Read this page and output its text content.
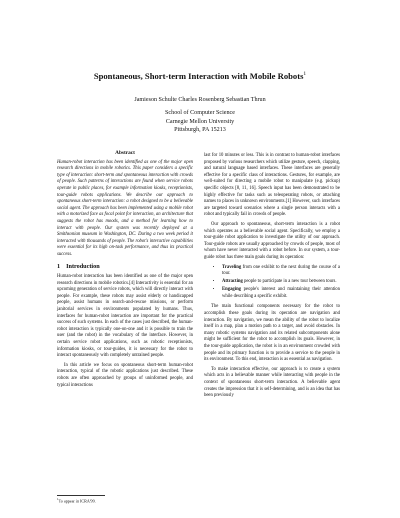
Spontaneous, Short-term Interaction with Mobile Robots$^1$
Jamieson Schulte Charles Rosenberg Sebastian Thrun
School of Computer Science
Carnegie Mellon University
Pittsburgh, PA 15213
Abstract

Human-robot interaction has been identified as one of the major open research directions in mobile robotics. This paper considers a specific type of interaction: short-term and spontaneous interaction with crowds of people. Such patterns of interactions are found when service robots operate in public places, for example information kiosks, receptionists, tour-guide robots applications. We describe our approach to spontaneous short-term interaction: a robot designed to be a believable social agent. The approach has been implemented using a mobile robot with a motorized face as focal point for interaction, an architecture that suggests the robot has moods, and a method for learning how to interact with people. Our system was recently deployed at a Smithsonian museum in Washington, DC. During a two week period it interacted with thousands of people. The robot's interactive capabilities were essential for its high on-task performance, and thus its practical success.

1 Introduction

Human-robot interaction has been identified as one of the major open research directions in mobile robotics.[4] Interactivity is essential for an upcoming generation of service robots, which will directly interact with people. For example, these robots may assist elderly or handicapped people, assist humans in search-and-rescue missions, or perform janitorial services in environments populated by humans. Thus, interfaces for human-robot interaction are important for the practical success of such systems. In each of the cases just described, the human-robot interaction is typically one-on-one and it is possible to train the user (and the robot) in the vocabulary of the interface. However, in certain service robot applications, such as robotic receptionists, information kiosks, or tour-guides, it is necessary for the robot to interact spontaneously with completely untrained people.

In this article we focus on spontaneous short-term human-robot interaction, typical of the robotic applications just described. These robots are often approached by groups of uninformed people, and typical interactions

last for 10 minutes or less. This is in contrast to human-robot interfaces proposed by various researchers which utilize gesture, speech, clapping, and natural language based interfaces. These interfaces are generally effective for a specific class of interactions. Gestures, for example, are well-suited for directing a mobile robot to manipulate (e.g. pickup) specific objects [8, 11, 16]. Speech input has been demonstrated to be highly effective for tasks such as teleoperating robots, or attaching names to places in unknown environments.[1] However, such interfaces are targeted toward scenarios where a single person interacts with a robot and typically fail in crowds of people.

Our approach to spontaneous, short-term interaction is a robot which operates as a believable social agent. Specifically, we employ a tour-guide robot application to investigate the utility of our approach. Tour-guide robots are usually approached by crowds of people, most of whom have never interacted with a robot before. In our system, a tour-guide robot has three main goals during its operation:

• Traveling from one exhibit to the next during the course of a tour.
• Attracting people to participate in a new tour between tours.
• Engaging people's interest and maintaining their attention while describing a specific exhibit.

The main functional components necessary for the robot to accomplish these goals during its operation are navigation and interaction. By navigation, we mean the ability of the robot to localize itself in a map, plan a motion path to a target, and avoid obstacles. In many robotic systems navigation and its related subcomponents alone might be sufficient for the robot to accomplish its goals. However, in the tour-guide application, the robot is in an environment crowded with people and its primary function is to provide a service to the people in its environment. To this end, interaction is as essential as navigation.

To make interaction effective, our approach is to create a system which acts in a believable manner while interacting with people in the context of spontaneous short-term interaction. A believable agent creates the impression that it is self-determining, and is an idea that has been previously

$^1$To appear in ICRA'99.
